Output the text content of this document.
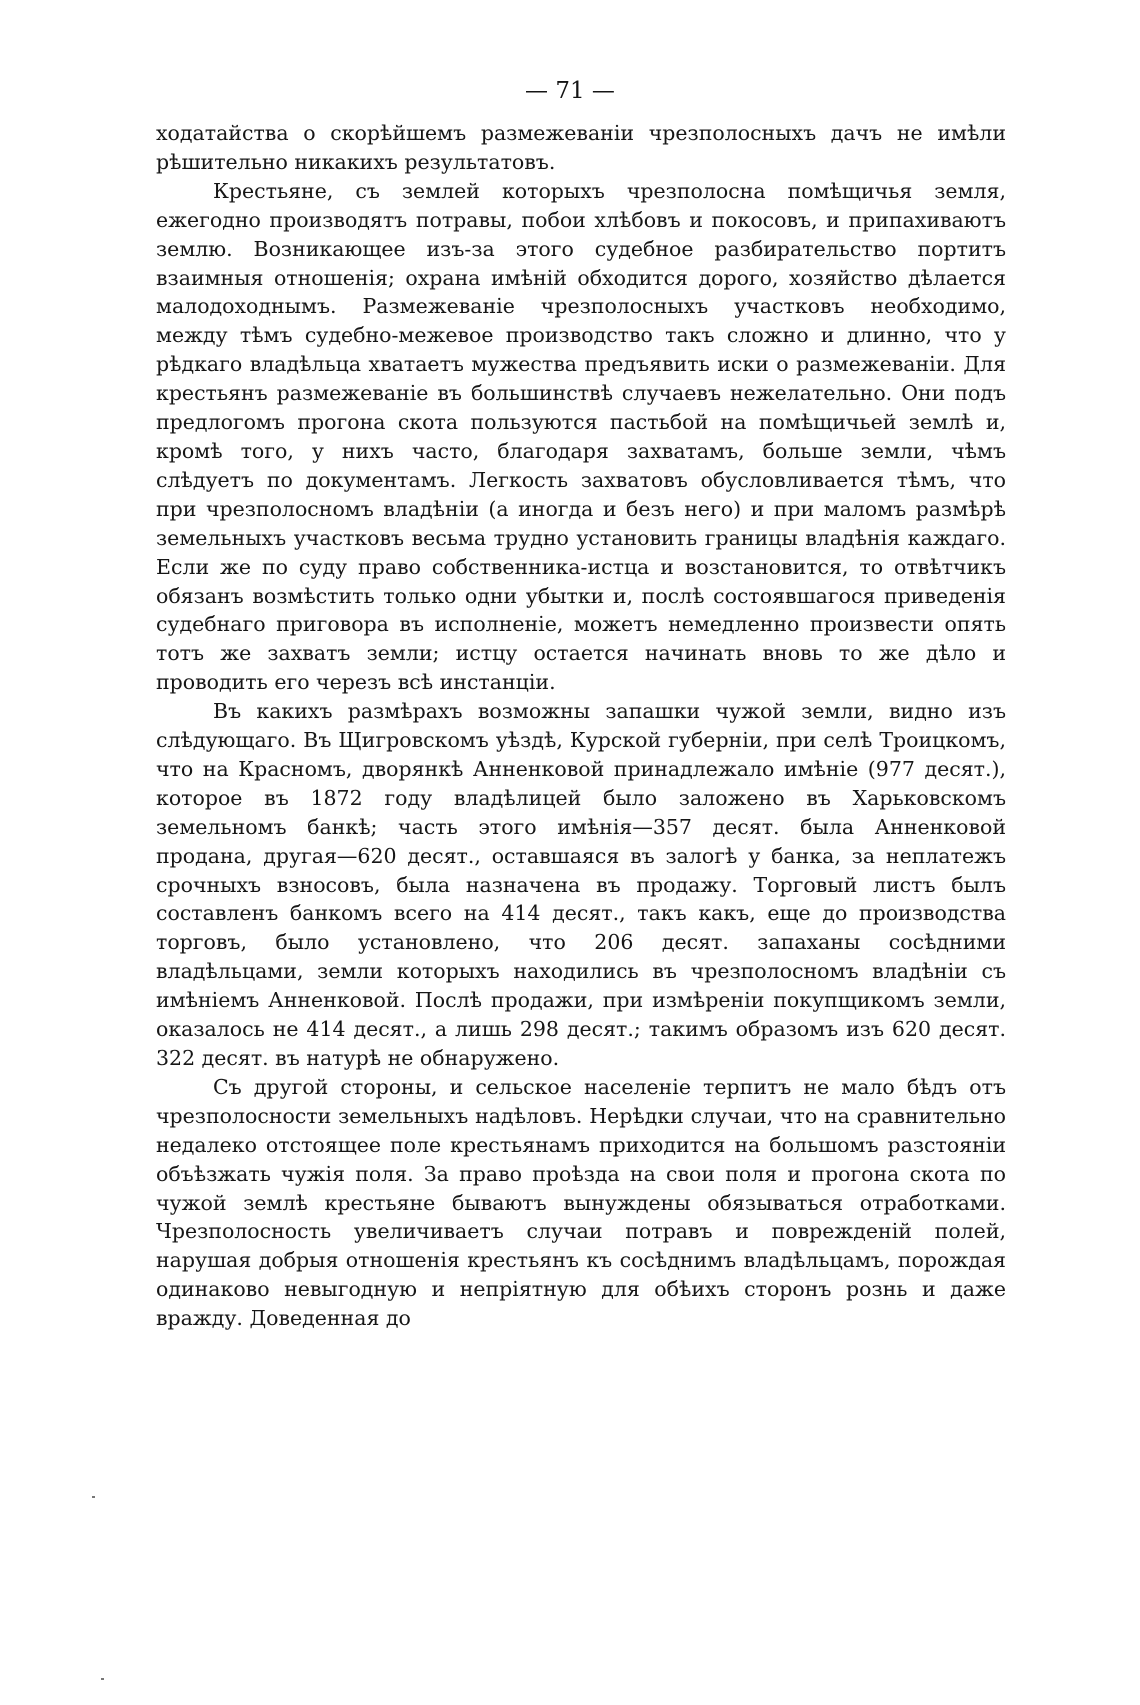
— 71 —

ходатайства о скорѣйшемъ размежеванiи чрезполосныхъ дачъ не имѣли рѣшительно никакихъ результатовъ.

Крестьяне, съ землей которыхъ чрезполосна помѣщичья земля, ежегодно производятъ потравы, побои хлѣбовъ и покосовъ, и припахиваютъ землю. Возникающее изъ-за этого судебное разбирательство портитъ взаимныя отношенiя; охрана имѣнiй обходится дорого, хозяйство дѣлается малодоходнымъ. Размежеванiе чрезполосныхъ участковъ необходимо, между тѣмъ судебно-межевое производство такъ сложно и длинно, что у рѣдкаго владѣльца хватаетъ мужества предъявить иски о размежеванiи. Для крестьянъ размежеванiе въ большинствѣ случаевъ нежелательно. Они подъ предлогомъ прогона скота пользуются пастьбой на помѣщичьей землѣ и, кромѣ того, у нихъ часто, благодаря захватамъ, больше земли, чѣмъ слѣдуетъ по документамъ. Легкость захватовъ обусловливается тѣмъ, что при чрезполосномъ владѣнiи (а иногда и безъ него) и при маломъ размѣрѣ земельныхъ участковъ весьма трудно установить границы владѣнiя каждаго. Если же по суду право собственника-истца и возстановится, то отвѣтчикъ обязанъ возмѣстить только одни убытки и, послѣ состоявшагося приведенiя судебнаго приговора въ исполненiе, можетъ немедленно произвести опять тотъ же захватъ земли; истцу остается начинать вновь то же дѣло и проводить его черезъ всѣ инстанцiи.

Въ какихъ размѣрахъ возможны запашки чужой земли, видно изъ слѣдующаго. Въ Щигровскомъ уѣздѣ, Курской губернiи, при селѣ Троицкомъ, что на Красномъ, дворянкѣ Анненковой принадлежало имѣнiе (977 десят.), которое въ 1872 году владѣлицей было заложено въ Харьковскомъ земельномъ банкѣ; часть этого имѣнiя—357 десят. была Анненковой продана, другая—620 десят., оставшаяся въ залогѣ у банка, за неплатежъ срочныхъ взносовъ, была назначена въ продажу. Торговый листъ былъ составленъ банкомъ всего на 414 десят., такъ какъ, еще до производства торговъ, было установлено, что 206 десят. запаханы сосѣдними владѣльцами, земли которыхъ находились въ чрезполосномъ владѣнiи съ имѣнiемъ Анненковой. Послѣ продажи, при измѣренiи покупщикомъ земли, оказалось не 414 десят., а лишь 298 десят.; такимъ образомъ изъ 620 десят. 322 десят. въ натурѣ не обнаружено.

Съ другой стороны, и сельское населенiе терпитъ не мало бѣдъ отъ чрезполосности земельныхъ надѣловъ. Нерѣдки случаи, что на сравнительно недалеко отстоящее поле крестьянамъ приходится на большомъ разстоянiи объѣзжать чужiя поля. За право проѣзда на свои поля и прогона скота по чужой землѣ крестьяне бываютъ вынуждены обязываться отработками. Чрезполосность увеличиваетъ случаи потравъ и поврежденiй полей, нарушая добрыя отношенiя крестьянъ къ сосѣднимъ владѣльцамъ, порождая одинаково невыгодную и непрiятную для обѣихъ сторонъ рознь и даже вражду. Доведенная до
